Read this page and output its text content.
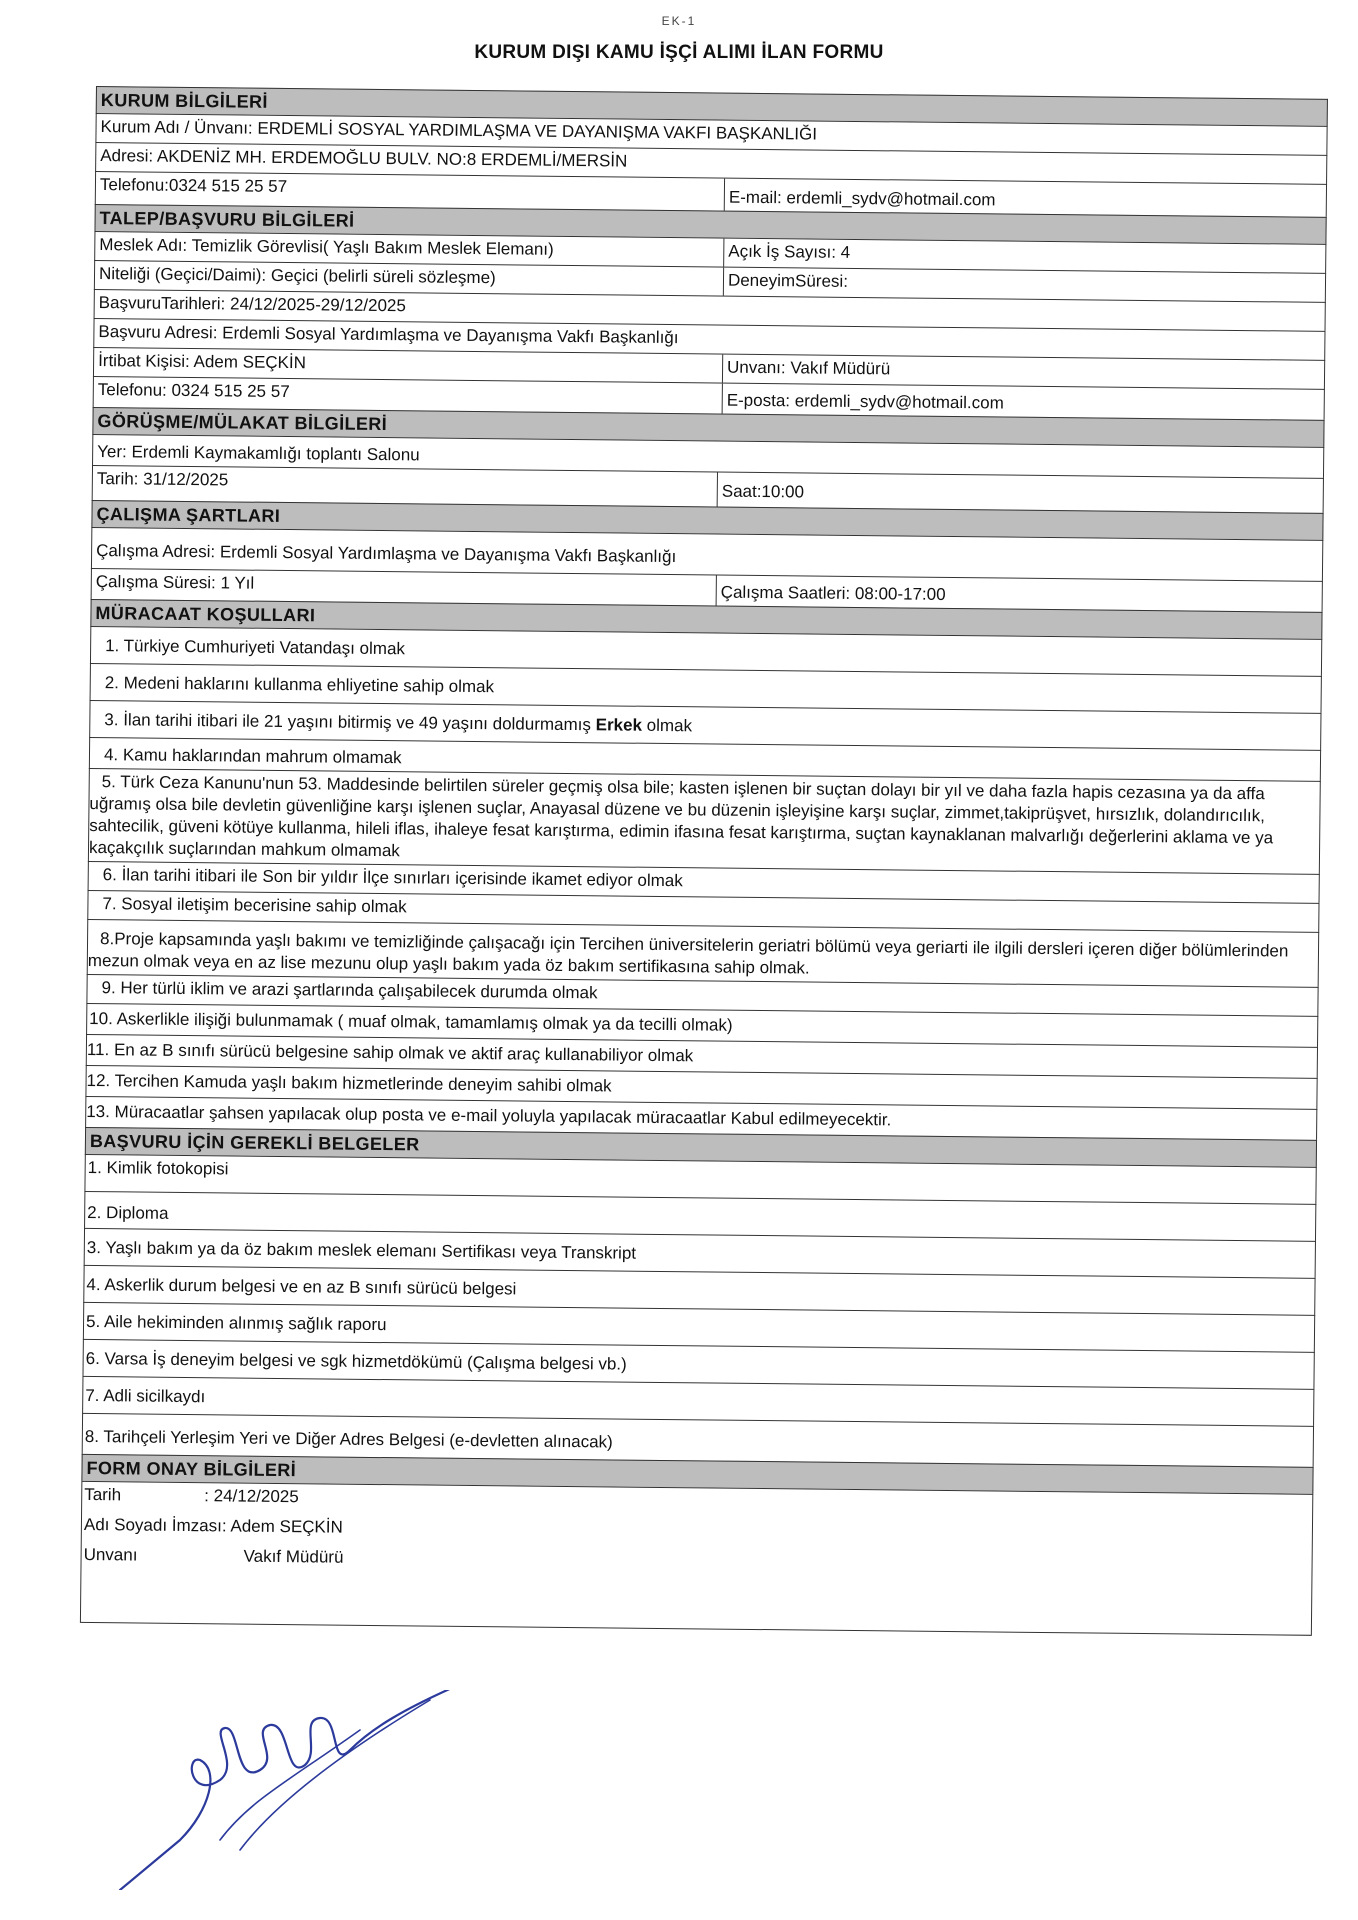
EK-1
KURUM DIŞI KAMU İŞÇİ ALIMI İLAN FORMU
KURUM BİLGİLERİ
Kurum Adı / Ünvanı: ERDEMLİ SOSYAL YARDIMLAŞMA VE DAYANIŞMA VAKFI BAŞKANLIĞI
Adresi: AKDENİZ MH. ERDEMOĞLU BULV. NO:8 ERDEMLİ/MERSİN
Telefonu:0324 515 25 57
E-mail: erdemli_sydv@hotmail.com
TALEP/BAŞVURU BİLGİLERİ
Meslek Adı: Temizlik Görevlisi( Yaşlı Bakım Meslek Elemanı)	Açık İş Sayısı: 4
Niteliği (Geçici/Daimi): Geçici (belirli süreli sözleşme)	DeneyimSüresi:
BaşvuruTarihleri: 24/12/2025-29/12/2025
Başvuru Adresi: Erdemli Sosyal Yardımlaşma ve Dayanışma Vakfı Başkanlığı
İrtibat Kişisi: Adem SEÇKİN	Unvanı: Vakıf Müdürü
Telefonu: 0324 515 25 57
E-posta: erdemli_sydv@hotmail.com
GÖRÜŞME/MÜLAKAT BİLGİLERİ
Yer: Erdemli Kaymakamlığı toplantı Salonu
Tarih: 31/12/2025
Saat:10:00
ÇALIŞMA ŞARTLARI
Çalışma Adresi: Erdemli Sosyal Yardımlaşma ve Dayanışma Vakfı Başkanlığı
Çalışma Süresi: 1 Yıl
Çalışma Saatleri: 08:00-17:00
MÜRACAAT KOŞULLARI
1. Türkiye Cumhuriyeti Vatandaşı olmak
2. Medeni haklarını kullanma ehliyetine sahip olmak
3. İlan tarihi itibari ile 21 yaşını bitirmiş ve 49 yaşını doldurmamış Erkek olmak
4. Kamu haklarından mahrum olmamak
5. Türk Ceza Kanunu'nun 53. Maddesinde belirtilen süreler geçmiş olsa bile; kasten işlenen bir suçtan dolayı bir yıl ve daha fazla hapis cezasına ya da affa uğramış olsa bile devletin güvenliğine karşı işlenen suçlar, Anayasal düzene ve bu düzenin işleyişine karşı suçlar, zimmet,takiprüşvet, hırsızlık, dolandırıcılık, sahtecilik, güveni kötüye kullanma, hileli iflas, ihaleye fesat karıştırma, edimin ifasına fesat karıştırma, suçtan kaynaklanan malvarlığı değerlerini aklama ve ya kaçakçılık suçlarından mahkum olmamak
6. İlan tarihi itibari ile Son bir yıldır İlçe sınırları içerisinde ikamet ediyor olmak
7. Sosyal iletişim becerisine sahip olmak
8.Proje kapsamında yaşlı bakımı ve temizliğinde çalışacağı için Tercihen üniversitelerin geriatri bölümü veya geriarti ile ilgili dersleri içeren diğer bölümlerinden mezun olmak veya en az lise mezunu olup yaşlı bakım yada öz bakım sertifikasına sahip olmak.
9. Her türlü iklim ve arazi şartlarında çalışabilecek durumda olmak
10. Askerlikle ilişiği bulunmamak ( muaf olmak, tamamlamış olmak ya da tecilli olmak)
11. En az B sınıfı sürücü belgesine sahip olmak ve aktif araç kullanabiliyor olmak
12. Tercihen Kamuda yaşlı bakım hizmetlerinde deneyim sahibi olmak
13. Müracaatlar şahsen yapılacak olup posta ve e-mail yoluyla yapılacak müracaatlar Kabul edilmeyecektir.
BAŞVURU İÇİN GEREKLİ BELGELER
1. Kimlik fotokopisi
2. Diploma
3. Yaşlı bakım ya da öz bakım meslek elemanı Sertifikası veya Transkript
4. Askerlik durum belgesi ve en az B sınıfı sürücü belgesi
5. Aile hekiminden alınmış sağlık raporu
6. Varsa İş deneyim belgesi ve sgk hizmetdökümü (Çalışma belgesi vb.)
7. Adli sicilkaydı
8. Tarihçeli Yerleşim Yeri ve Diğer Adres Belgesi (e-devletten alınacak)
FORM ONAY BİLGİLERİ
Tarih	: 24/12/2025
Adı Soyadı İmzası: Adem SEÇKİN
Unvanı	Vakıf Müdürü
